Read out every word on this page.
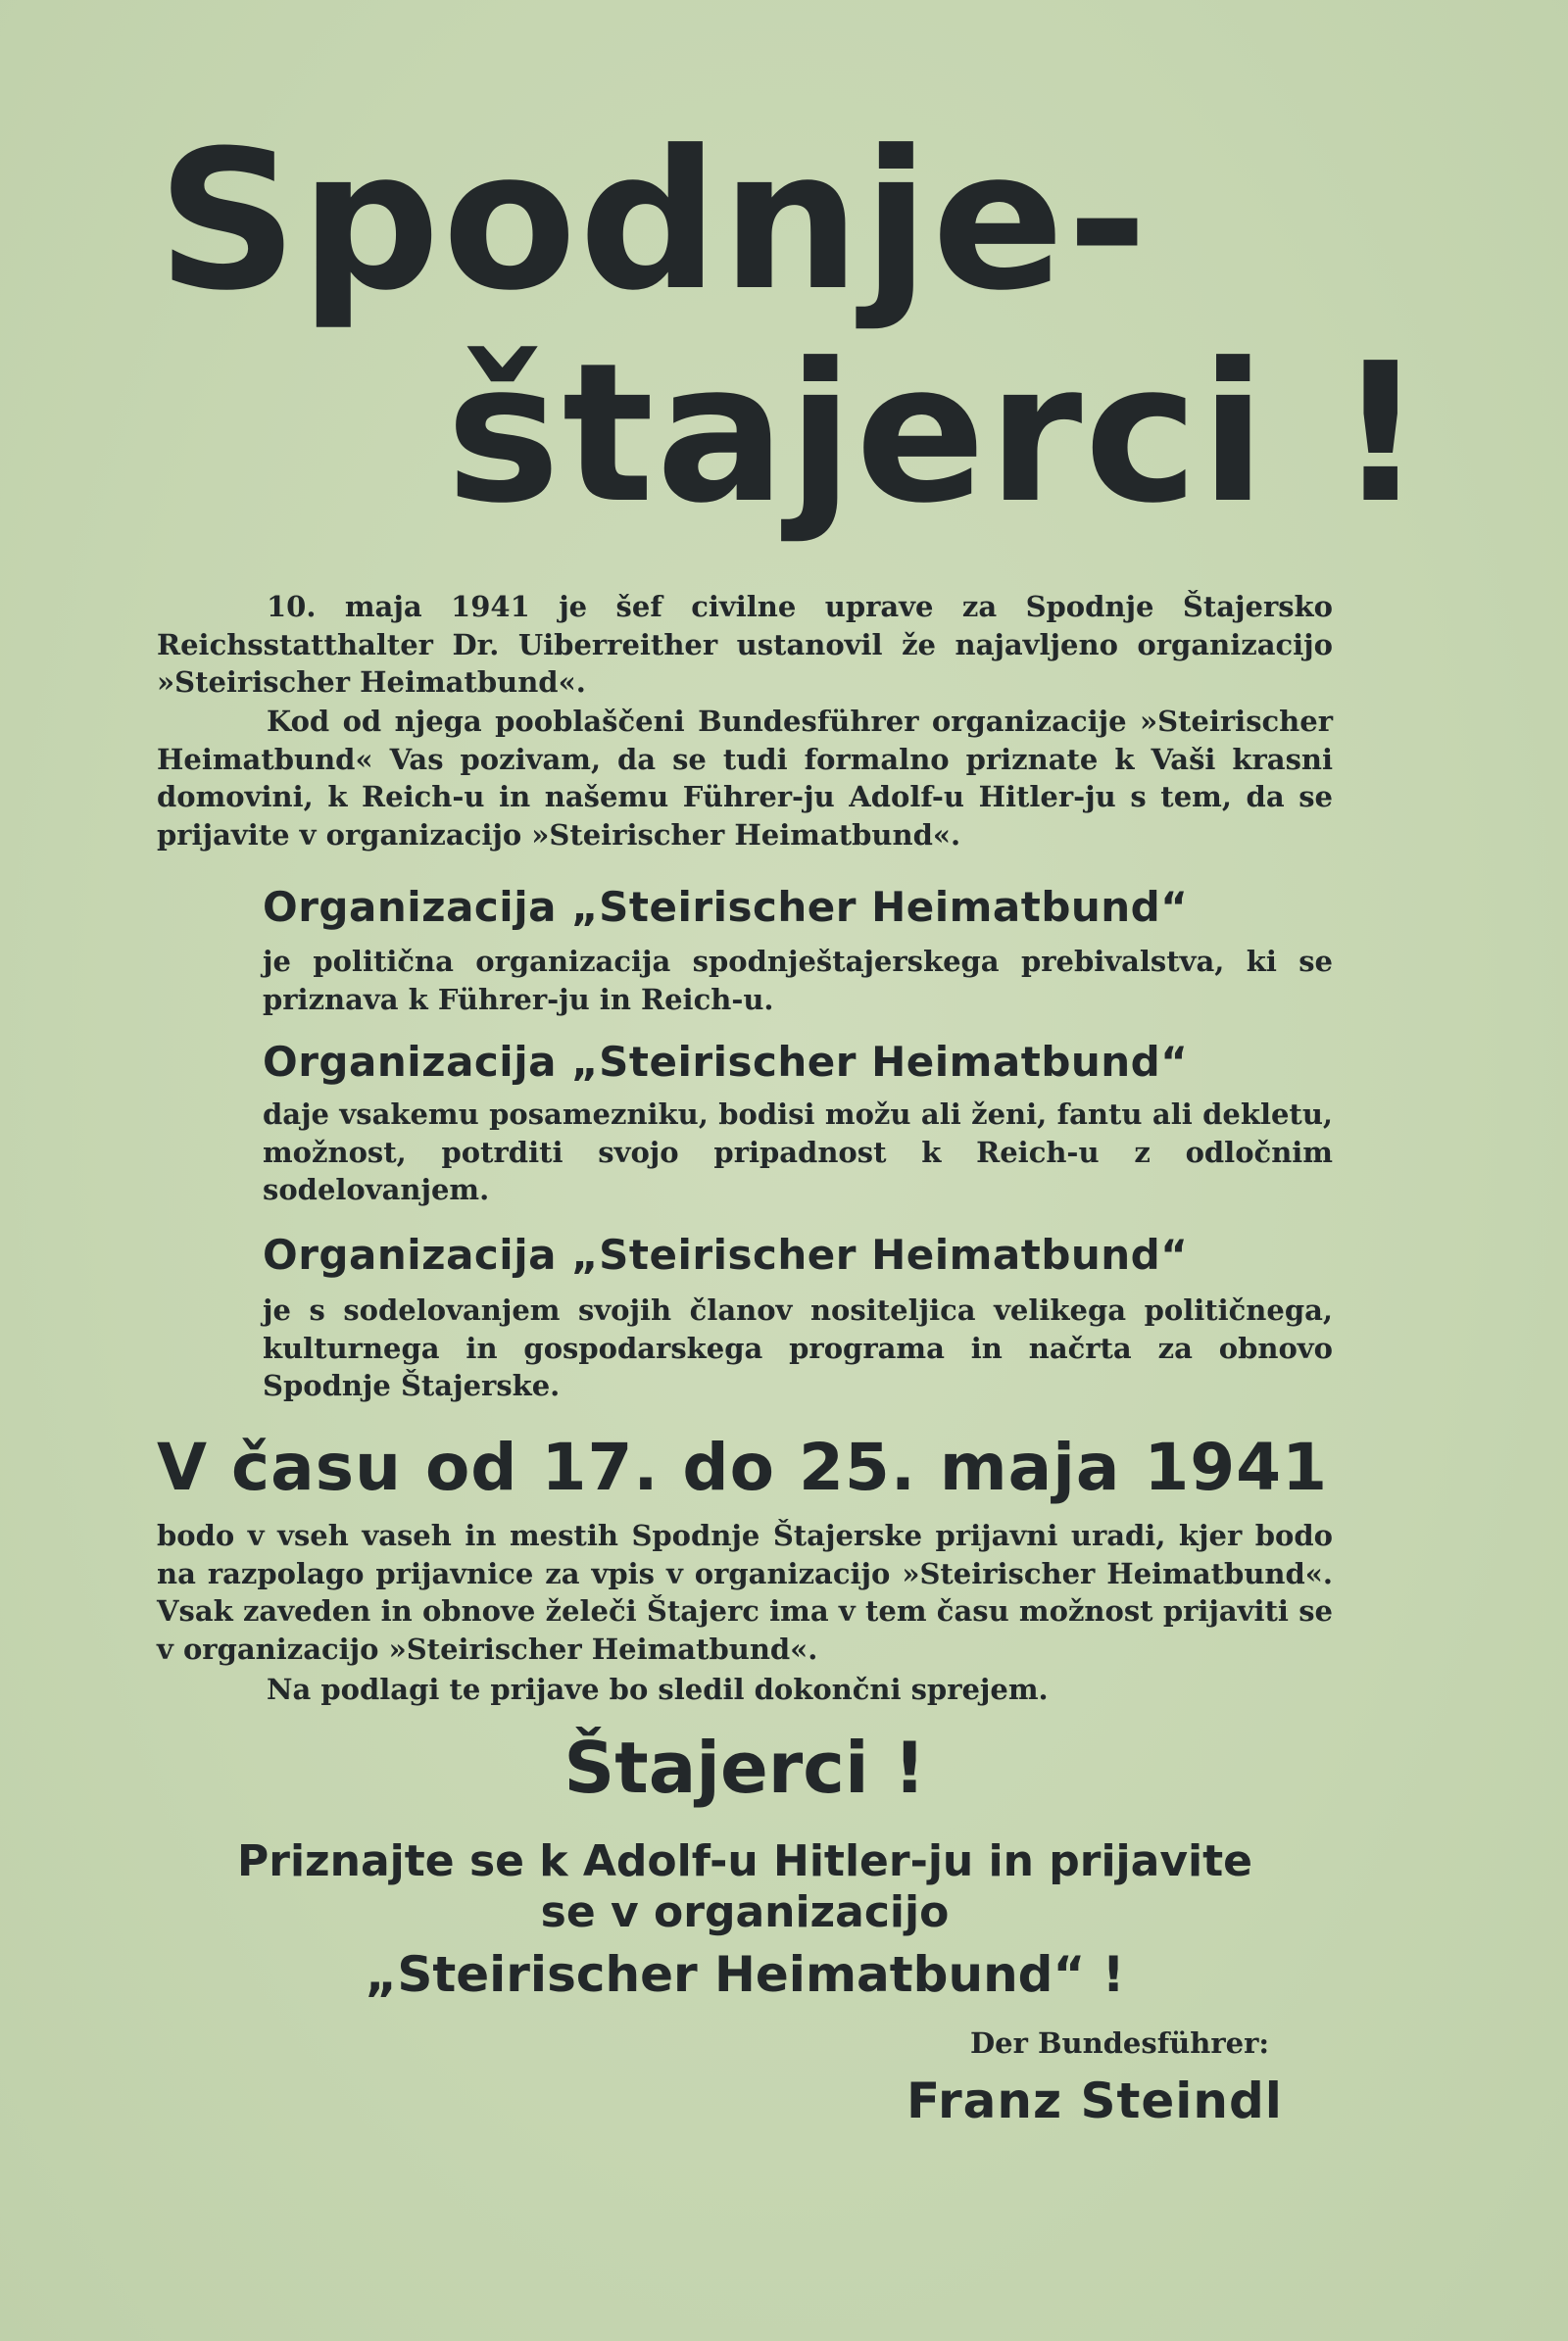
Spodnje-
štajerci !
10. maja 1941 je šef civilne uprave za Spodnje Štajersko Reichsstatthalter Dr. Uiberreither ustanovil že najavljeno organizacijo »Steirischer Heimatbund«.
Kod od njega pooblaščeni Bundesführer organizacije »Steirischer Heimatbund« Vas pozivam, da se tudi formalno priznate k Vaši krasni domovini, k Reich-u in našemu Führer-ju Adolf-u Hitler-ju s tem, da se prijavite v organizacijo »Steirischer Heimatbund«.
Organizacija „Steirischer Heimatbund“
je politična organizacija spodnještajerskega prebivalstva, ki se priznava k Führer-ju in Reich-u.
Organizacija „Steirischer Heimatbund“
daje vsakemu posamezniku, bodisi možu ali ženi, fantu ali dekletu, možnost, potrditi svojo pripadnost k Reich-u z odločnim sodelovanjem.
Organizacija „Steirischer Heimatbund“
je s sodelovanjem svojih članov nositeljica velikega političnega, kulturnega in gospodarskega programa in načrta za obnovo Spodnje Štajerske.
V času od 17. do 25. maja 1941
bodo v vseh vaseh in mestih Spodnje Štajerske prijavni uradi, kjer bodo na razpolago prijavnice za vpis v organizacijo »Steirischer Heimatbund«. Vsak zaveden in obnove želeči Štajerc ima v tem času možnost prijaviti se v organizacijo »Steirischer Heimatbund«.
Na podlagi te prijave bo sledil dokončni sprejem.
Štajerci !
Priznajte se k Adolf-u Hitler-ju in prijavite
se v organizacijo
„Steirischer Heimatbund“ !
Der Bundesführer:
Franz Steindl
